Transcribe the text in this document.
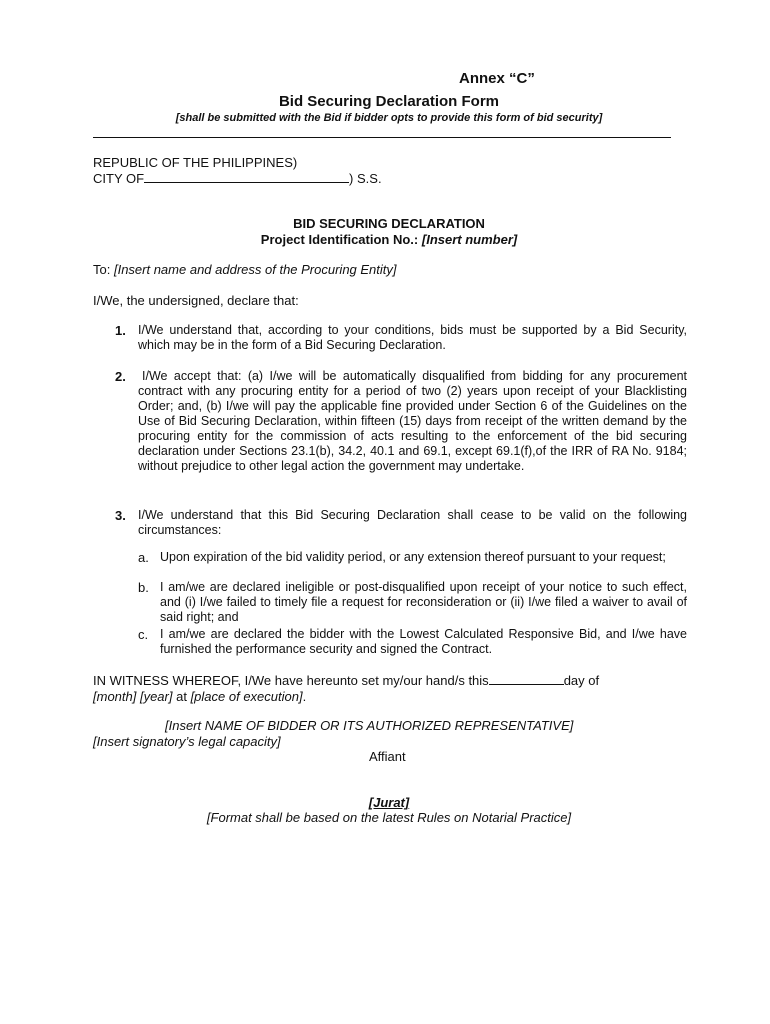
Annex “C”
Bid Securing Declaration Form
[shall be submitted with the Bid if bidder opts to provide this form of bid security]
REPUBLIC OF THE PHILIPPINES)
CITY OF	) S.S.
BID SECURING DECLARATION
Project Identification No.: [Insert number]
To: [Insert name and address of the Procuring Entity]
I/We, the undersigned, declare that:
1. I/We understand that, according to your conditions, bids must be supported by a Bid Security, which may be in the form of a Bid Securing Declaration.
2.	I/We accept that: (a) I/we will be automatically disqualified from bidding for any procurement contract with any procuring entity for a period of two (2) years upon receipt of your Blacklisting Order; and, (b) I/we will pay the applicable fine provided under Section 6 of the Guidelines on the Use of Bid Securing Declaration, within fifteen (15) days from receipt of the written demand by the procuring entity for the commission of acts resulting to the enforcement of the bid securing declaration under Sections 23.1(b), 34.2, 40.1 and 69.1, except 69.1(f),of the IRR of RA No. 9184; without prejudice to other legal action the government may undertake.
3. I/We understand that this Bid Securing Declaration shall cease to be valid on the following circumstances:
a. Upon expiration of the bid validity period, or any extension thereof pursuant to your request;
b. I am/we are declared ineligible or post-disqualified upon receipt of your notice to such effect, and (i) I/we failed to timely file a request for reconsideration or (ii) I/we filed a waiver to avail of said right; and
c. I am/we are declared the bidder with the Lowest Calculated Responsive Bid, and I/we have furnished the performance security and signed the Contract.
IN WITNESS WHEREOF, I/We have hereunto set my/our hand/s this	day of
[month] [year] at [place of execution].
[Insert NAME OF BIDDER OR ITS AUTHORIZED REPRESENTATIVE]
[Insert signatory’s legal capacity]
Affiant
[Jurat]
[Format shall be based on the latest Rules on Notarial Practice]
